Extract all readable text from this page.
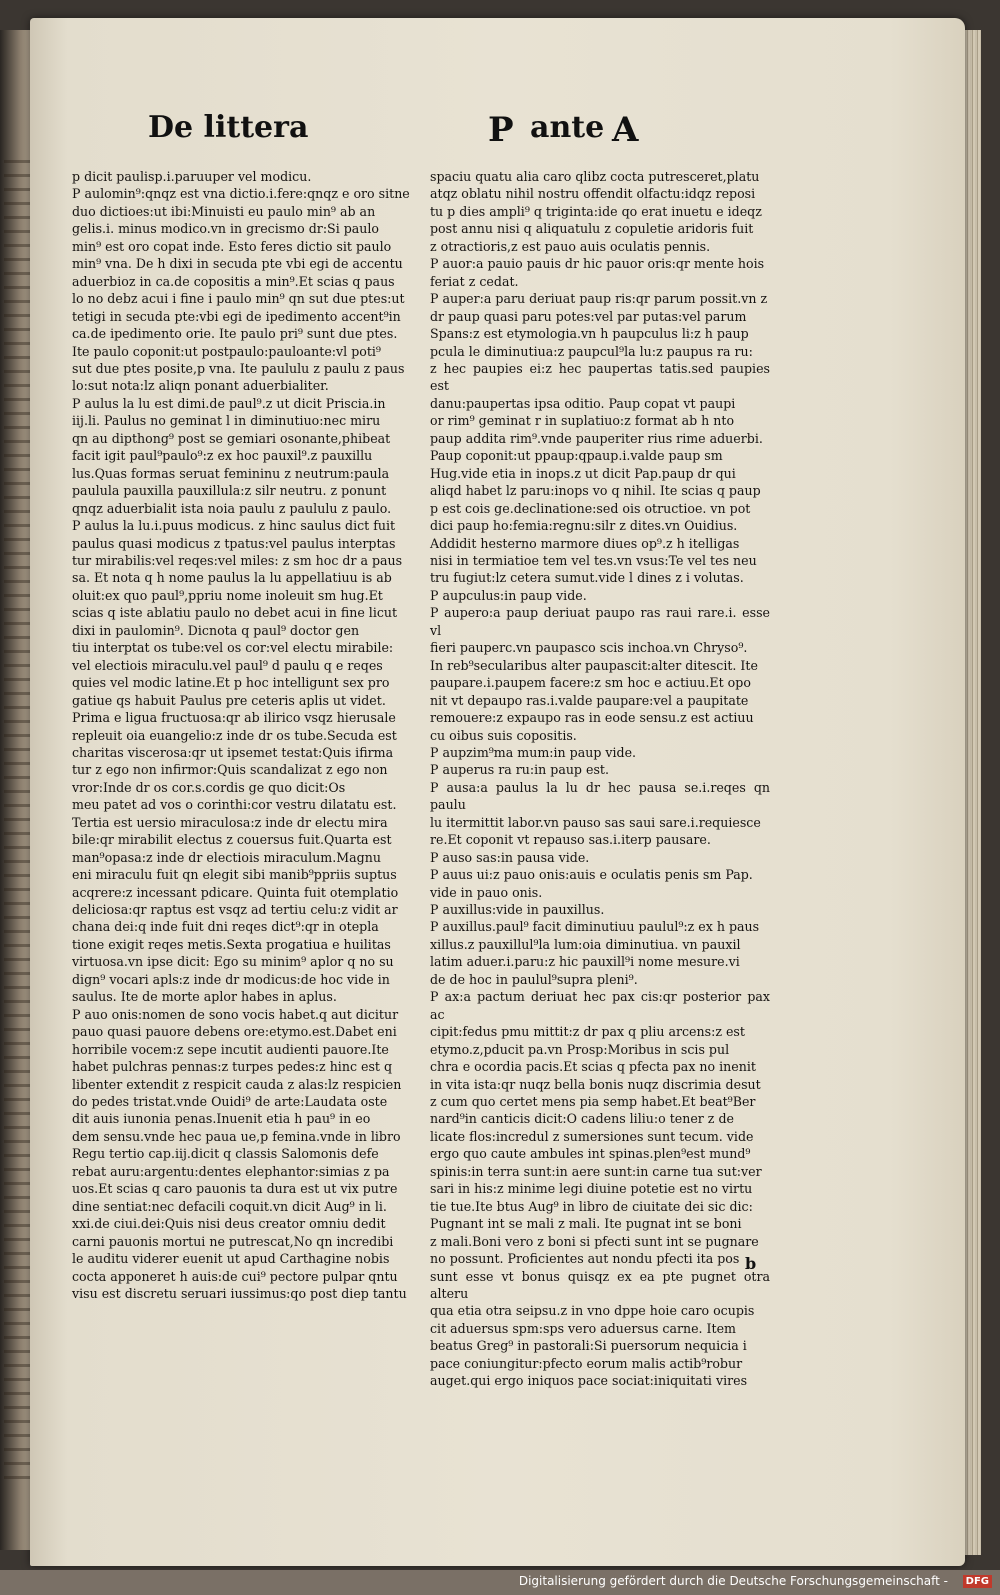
De littera	P ante A

p dicit paulisp.i.paruuper vel modicu.

P aulomin⁹:qnqz est vna dictio.i.fere:qnqz e oro sitne

duo dictioes:ut ibi:Minuisti eu paulo min⁹ ab an

gelis.i. minus modico.vn in grecismo dr:Si paulo

min⁹ est oro copat inde. Esto feres dictio sit paulo

min⁹ vna. De h dixi in secuda pte vbi egi de accentu

aduerbioz in ca.de copositis a min⁹.Et scias q paus

lo no debz acui i fine i paulo min⁹ qn sut due ptes:ut

tetigi in secuda pte:vbi egi de ipedimento accent⁹in

ca.de ipedimento orie. Ite paulo pri⁹ sunt due ptes.

Ite paulo coponit:ut postpaulo:pauloante:vl poti⁹

sut due ptes posite,p vna. Ite paululu z paulu z paus

lo:sut nota:lz aliqn ponant aduerbialiter.

P aulus la lu est dimi.de paul⁹.z ut dicit Priscia.in

iij.li. Paulus no geminat l in diminutiuo:nec miru

qn au dipthong⁹ post se gemiari osonante,phibeat

facit igit paul⁹paulo⁹:z ex hoc pauxil⁹.z pauxillu

lus.Quas formas seruat femininu z neutrum:paula

paulula pauxilla pauxillula:z silr neutru. z ponunt

qnqz aduerbialit ista noia paulu z paululu z paulo.

P aulus la lu.i.puus modicus. z hinc saulus dict fuit

paulus quasi modicus z tpatus:vel paulus interptas

tur mirabilis:vel reqes:vel miles: z sm hoc dr a paus

sa. Et nota q h nome paulus la lu appellatiuu is ab

oluit:ex quo paul⁹,ppriu nome inoleuit sm hug.Et

scias q iste ablatiu paulo no debet acui in fine licut

dixi in paulomin⁹. Dicnota q paul⁹ doctor gen

tiu interptat os tube:vel os cor:vel electu mirabile:

vel electiois miraculu.vel paul⁹ d paulu q e reqes

quies vel modic latine.Et p hoc intelligunt sex pro

gatiue qs habuit Paulus pre ceteris aplis ut videt.

Prima e ligua fructuosa:qr ab ilirico vsqz hierusale

repleuit oia euangelio:z inde dr os tube.Secuda est

charitas viscerosa:qr ut ipsemet testat:Quis ifirma

tur z ego non infirmor:Quis scandalizat z ego non

vror:Inde dr os cor.s.cordis ge quo dicit:Os

meu patet ad vos o corinthi:cor vestru dilatatu est.

Tertia est uersio miraculosa:z inde dr electu mira

bile:qr mirabilit electus z couersus fuit.Quarta est

man⁹opasa:z inde dr electiois miraculum.Magnu

eni miraculu fuit qn elegit sibi manib⁹ppriis suptus

acqrere:z incessant pdicare. Quinta fuit otemplatio

deliciosa:qr raptus est vsqz ad tertiu celu:z vidit ar

chana dei:q inde fuit dni reqes dict⁹:qr in otepla

tione exigit reqes metis.Sexta progatiua e huilitas

virtuosa.vn ipse dicit: Ego su minim⁹ aplor q no su

dign⁹ vocari apls:z inde dr modicus:de hoc vide in

saulus. Ite de morte aplor habes in aplus.

P auo onis:nomen de sono vocis habet.q aut dicitur

pauo quasi pauore debens ore:etymo.est.Dabet eni

horribile vocem:z sepe incutit audienti pauore.Ite

habet pulchras pennas:z turpes pedes:z hinc est q

libenter extendit z respicit cauda z alas:lz respicien

do pedes tristat.vnde Ouidi⁹ de arte:Laudata oste

dit auis iunonia penas.Inuenit etia h pau⁹ in eo

dem sensu.vnde hec paua ue,p femina.vnde in libro

Regu tertio cap.iij.dicit q classis Salomonis defe

rebat auru:argentu:dentes elephantor:simias z pa

uos.Et scias q caro pauonis ta dura est ut vix putre

dine sentiat:nec defacili coquit.vn dicit Aug⁹ in li.

xxi.de ciui.dei:Quis nisi deus creator omniu dedit

carni pauonis mortui ne putrescat,No qn incredibi

le auditu viderer euenit ut apud Carthagine nobis

cocta apponeret h auis:de cui⁹ pectore pulpar qntu

visu est discretu seruari iussimus:qo post diep tantu

spaciu quatu alia caro qlibz cocta putresceret,platu

atqz oblatu nihil nostru offendit olfactu:idqz reposi

tu p dies ampli⁹ q triginta:ide qo erat inuetu e ideqz

post annu nisi q aliquatulu z copuletie aridoris fuit

z otractioris,z est pauo auis oculatis pennis.

P auor:a pauio pauis dr hic pauor oris:qr mente hois

feriat z cedat.

P auper:a paru deriuat paup ris:qr parum possit.vn z

dr paup quasi paru potes:vel par putas:vel parum

Spans:z est etymologia.vn h paupculus li:z h paup

pcula le diminutiua:z paupcul⁹la lu:z paupus ra ru:

z hec paupies ei:z hec paupertas tatis.sed paupies est

danu:paupertas ipsa oditio. Paup copat vt paupi

or rim⁹ geminat r in suplatiuo:z format ab h nto

paup addita rim⁹.vnde pauperiter rius rime aduerbi.

Paup coponit:ut ppaup:qpaup.i.valde paup sm

Hug.vide etia in inops.z ut dicit Pap.paup dr qui

aliqd habet lz paru:inops vo q nihil. Ite scias q paup

p est cois ge.declinatione:sed ois otructioe. vn pot

dici paup ho:femia:regnu:silr z dites.vn Ouidius.

Addidit hesterno marmore diues op⁹.z h itelligas

nisi in termiatioe tem vel tes.vn vsus:Te vel tes neu

tru fugiut:lz cetera sumut.vide l dines z i volutas.

P aupculus:in paup vide.

P aupero:a paup deriuat paupo ras raui rare.i. esse vl

fieri pauperc.vn paupasco scis inchoa.vn Chryso⁹.

In reb⁹secularibus alter paupascit:alter ditescit. Ite

paupare.i.paupem facere:z sm hoc e actiuu.Et opo

nit vt depaupo ras.i.valde paupare:vel a paupitate

remouere:z expaupo ras in eode sensu.z est actiuu

cu oibus suis copositis.

P aupzim⁹ma mum:in paup vide.

P auperus ra ru:in paup est.

P ausa:a paulus la lu dr hec pausa se.i.reqes qn paulu

lu itermittit labor.vn pauso sas saui sare.i.requiesce

re.Et coponit vt repauso sas.i.iterp pausare.

P auso sas:in pausa vide.

P auus ui:z pauo onis:auis e oculatis penis sm Pap.

vide in pauo onis.

P auxillus:vide in pauxillus.

P auxillus.paul⁹ facit diminutiuu paulul⁹:z ex h paus

xillus.z pauxillul⁹la lum:oia diminutiua. vn pauxil

latim aduer.i.paru:z hic pauxill⁹i nome mesure.vi

de de hoc in paulul⁹supra pleni⁹.

P ax:a pactum deriuat hec pax cis:qr posterior pax ac

cipit:fedus pmu mittit:z dr pax q pliu arcens:z est

etymo.z,pducit pa.vn Prosp:Moribus in scis pul

chra e ocordia pacis.Et scias q pfecta pax no inenit

in vita ista:qr nuqz bella bonis nuqz discrimia desut

z cum quo certet mens pia semp habet.Et beat⁹Ber

nard⁹in canticis dicit:O cadens liliu:o tener z de

licate flos:incredul z sumersiones sunt tecum. vide

ergo quo caute ambules int spinas.plen⁹est mund⁹

spinis:in terra sunt:in aere sunt:in carne tua sut:ver

sari in his:z minime legi diuine potetie est no virtu

tie tue.Ite btus Aug⁹ in libro de ciuitate dei sic dic:

Pugnant int se mali z mali. Ite pugnat int se boni

z mali.Boni vero z boni si pfecti sunt int se pugnare

no possunt. Proficientes aut nondu pfecti ita pos

sunt esse vt bonus quisqz ex ea pte pugnet otra alteru

qua etia otra seipsu.z in vno dppe hoie caro ocupis

cit aduersus spm:sps vero aduersus carne. Item

beatus Greg⁹ in pastorali:Si puersorum nequicia i

pace coniungitur:pfecto eorum malis actib⁹robur

auget.qui ergo iniquos pace sociat:iniquitati vires

b
Digitalisierung gefördert durch die Deutsche Forschungsgemeinschaft -	DFG
